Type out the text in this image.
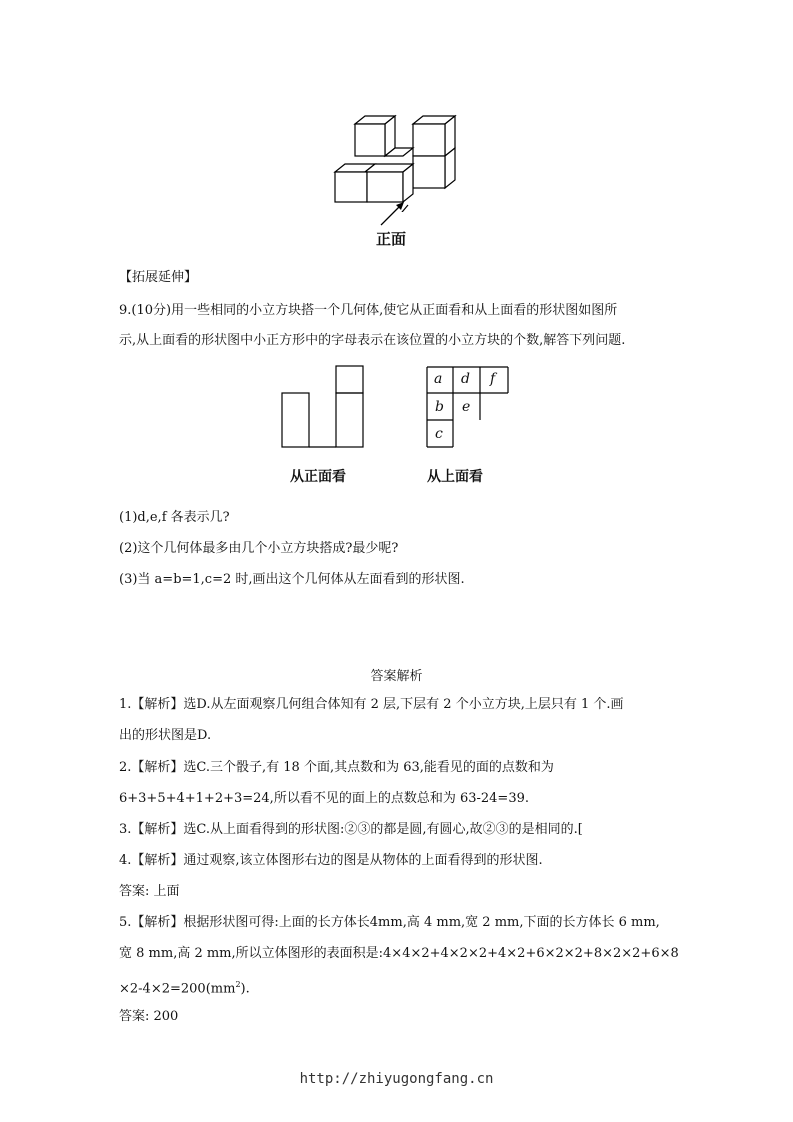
正面
【拓展延伸】
9.(10分)用一些相同的小立方块搭一个几何体,使它从正面看和从上面看的形状图如图所
示,从上面看的形状图中小正方形中的字母表示在该位置的小立方块的个数,解答下列问题.
a d f
b e
c
从正面看	从上面看
(1)d,e,f 各表示几?
(2)这个几何体最多由几个小立方块搭成?最少呢?
(3)当 a=b=1,c=2 时,画出这个几何体从左面看到的形状图.
答案解析
1.【解析】选D.从左面观察几何组合体知有 2 层,下层有 2 个小立方块,上层只有 1 个.画
出的形状图是D.
2.【解析】选C.三个骰子,有 18 个面,其点数和为 63,能看见的面的点数和为
6+3+5+4+1+2+3=24,所以看不见的面上的点数总和为 63-24=39.
3.【解析】选C.从上面看得到的形状图:②③的都是圆,有圆心,故②③的是相同的.[
4.【解析】通过观察,该立体图形右边的图是从物体的上面看得到的形状图.
答案: 上面
5.【解析】根据形状图可得:上面的长方体长4mm,高 4 mm,宽 2 mm,下面的长方体长 6 mm,
宽 8 mm,高 2 mm,所以立体图形的表面积是:4×4×2+4×2×2+4×2+6×2×2+8×2×2+6×8
$\times 2-4\times 2=200(mm^2)$.
答案: 200
http://zhiyugongfang.cn
